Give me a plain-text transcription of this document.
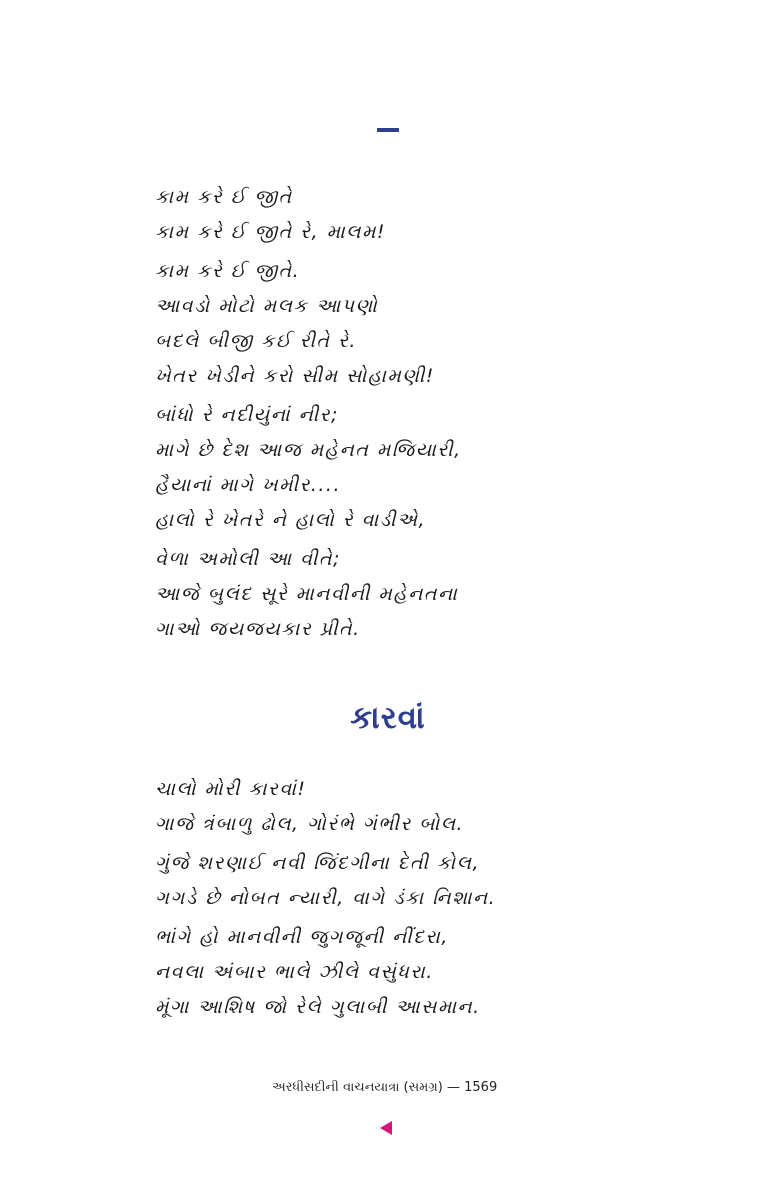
કામ કરે ઈ જીતે
કામ કરે ઈ જીતે રે, માલમ!
કામ કરે ઈ જીતે.
આવડો મોટો મલક આપણો
બદલે બીજી કઈ રીતે રે.
ખેતર ખેડીને કરો સીમ સોહામણી!
બાંધો રે નદીયુંનાં નીર;
માગે છે દેશ આજ મહેનત મજિયારી,
હૈયાનાં માગે ખમીર....
હાલો રે ખેતરે ને હાલો રે વાડીએ,
વેળા અમોલી આ વીતે;
આજે બુલંદ સૂરે માનવીની મહેનતના
ગાઓ જયજયકાર પ્રીતે.
કારવાં
ચાલો મોરી કારવાં!
ગાજે ત્રંબાળુ ઢોલ, ગોરંભે ગંભીર બોલ.
ગુંજે શરણાઈ નવી જિંદગીના દેતી કોલ,
ગગડે છે નોબત ન્યારી, વાગે ડંકા નિશાન.
ભાંગે હો માનવીની જુગજૂની નીંદરા,
નવલા અંબાર ભાલે ઝીલે વસુંધરા.
મૂંગા આશિષ જો રેલે ગુલાબી આસમાન.
અરધીસદીની વાચનયાત્રા (સમગ્ર) — 1569
